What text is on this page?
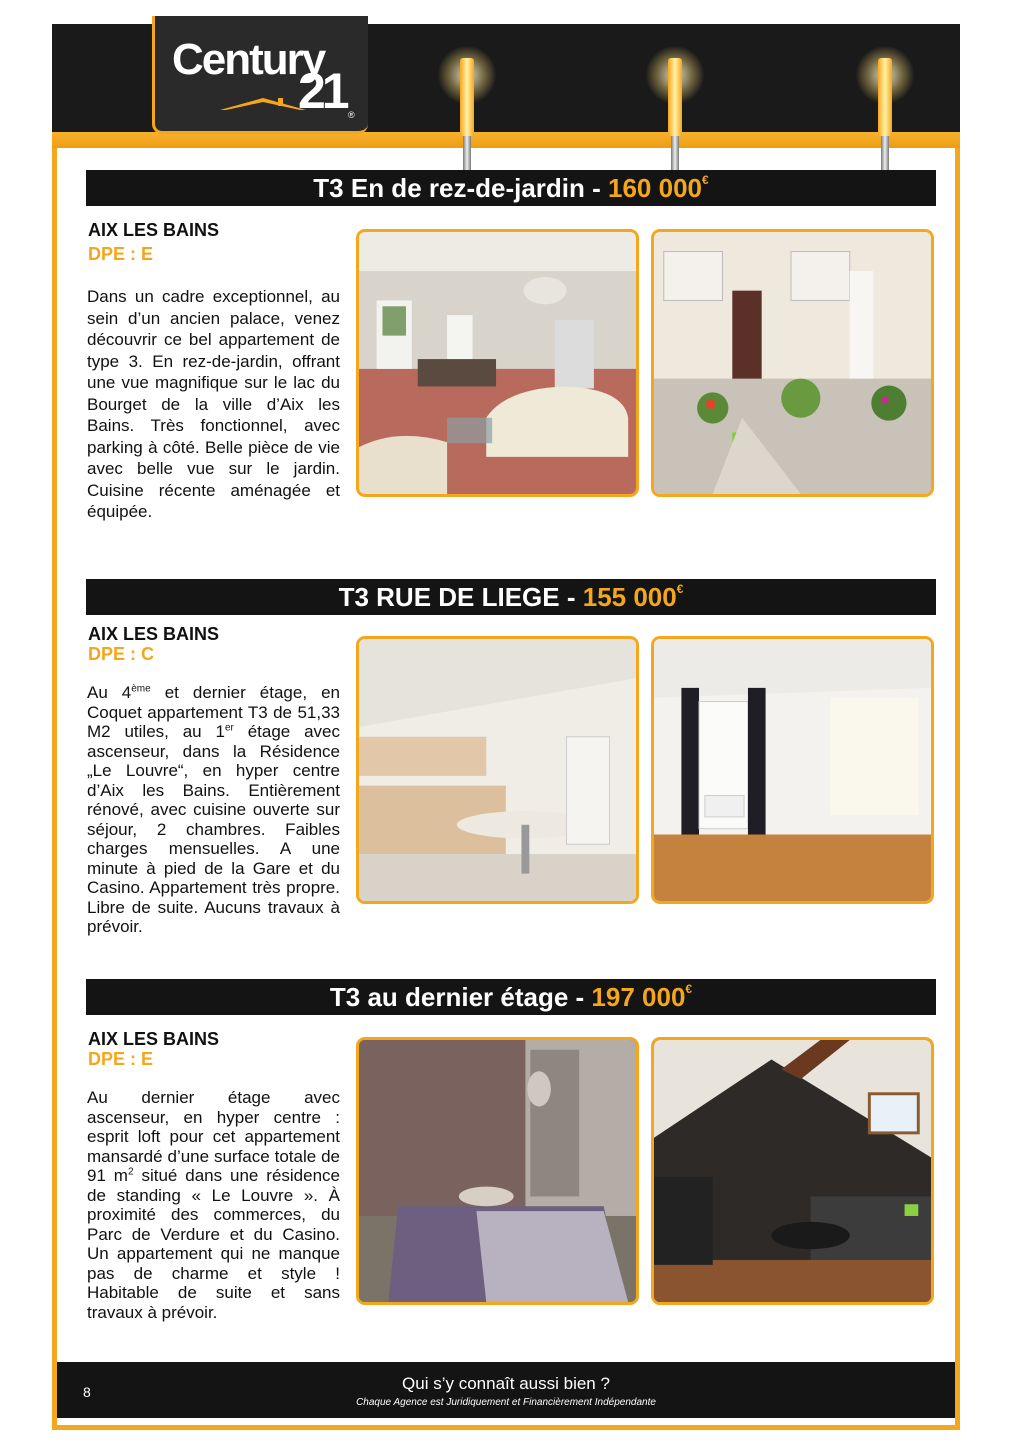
Century
21 ®
T3 En de rez-de-jardin - 160 000€
AIX LES BAINS
DPE : E
Dans un cadre exceptionnel, au sein d’un ancien palace, venez découvrir ce bel appartement de type 3. En rez-de-jardin, offrant une vue magnifique sur le lac du Bourget de la ville d’Aix les Bains. Très fonctionnel, avec parking à côté. Belle pièce de vie avec belle vue sur le jardin. Cuisine récente aménagée et équipée.
T3 RUE DE LIEGE - 155 000€
AIX LES BAINS
DPE : C
Au 4ème et dernier étage, en Coquet appartement T3 de 51,33 M2 utiles, au 1er étage avec ascenseur, dans la Résidence „Le Louvre“, en hyper centre d’Aix les Bains. Entièrement rénové, avec cuisine ouverte sur séjour, 2 chambres. Faibles charges mensuelles. A une minute à pied de la Gare et du Casino. Appartement très propre. Libre de suite. Aucuns travaux à prévoir.
T3 au dernier étage - 197 000€
AIX LES BAINS
DPE : E
Au dernier étage avec ascenseur, en hyper centre : esprit loft pour cet appartement mansardé d’une surface totale de 91 $m^2$ situé dans une résidence de standing « Le Louvre ». À proximité des commerces, du Parc de Verdure et du Casino. Un appartement qui ne manque pas de charme et style ! Habitable de suite et sans travaux à prévoir.
8	Qui s’y connaît aussi bien ?
Chaque Agence est Juridiquement et Financièrement Indépendante
